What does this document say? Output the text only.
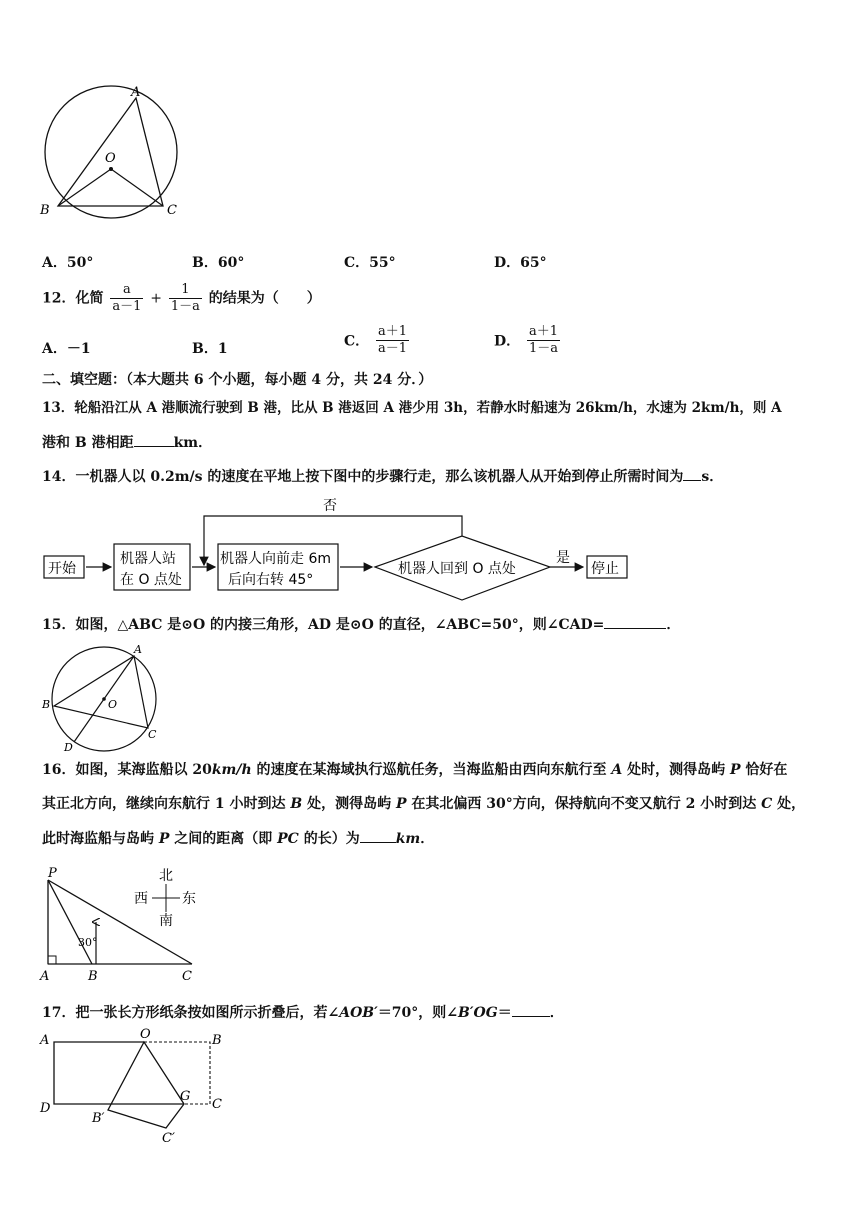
A
O
B	C
A．50°	B．60°	C．55°	D．65°
12．化简 $\frac{a}{a-1} + \frac{1}{1-a}$ 的结果为（　　）
A．－1	B．1	C． $\frac{a+1}{a-1}$	D． $\frac{a+1}{1-a}$
二、填空题：（本大题共 6 个小题，每小题 4 分，共 24 分．）
13．轮船沿江从 A 港顺流行驶到 B 港，比从 B 港返回 A 港少用 3h，若静水时船速为 26km/h，水速为 2km/h，则 A
港和 B 港相距	km．
14．一机器人以 0.2m/s 的速度在平地上按下图中的步骤行走，那么该机器人从开始到停止所需时间为 s．
开始
机器人站
在 O 点处
机器人向前走 6m
后向右转 45°
机器人回到 O 点处
否
是
停止
15．如图，△ABC 是⊙O 的内接三角形，AD 是⊙O 的直径，∠ABC=50°，则∠CAD=	．
A
B	O
C
D
16．如图，某海监船以 20km/h 的速度在某海域执行巡航任务，当海监船由西向东航行至 A 处时，测得岛屿 P 恰好在
其正北方向，继续向东航行 1 小时到达 B 处，测得岛屿 P 在其北偏西 30°方向，保持航向不变又航行 2 小时到达 C 处，
此时海监船与岛屿 P 之间的距离（即 PC 的长）为	km．
30°
P
A	B	C
北
南
西 东
17．把一张长方形纸条按如图所示折叠后，若∠AOB′＝70°，则∠B′OG＝	．
A	O	B
D
B′
G
C
C′
